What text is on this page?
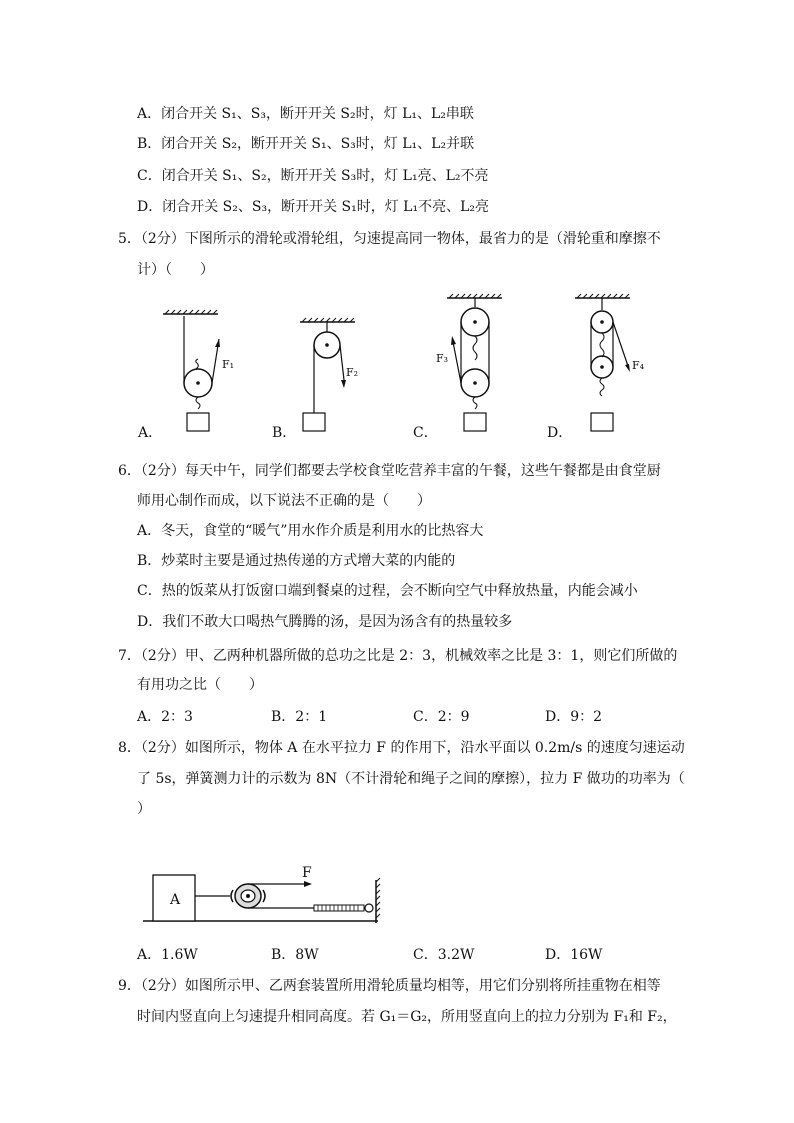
A．闭合开关 S₁、S₃，断开开关 S₂时，灯 L₁、L₂串联
B．闭合开关 S₂，断开开关 S₁、S₃时，灯 L₁、L₂并联
C．闭合开关 S₁、S₂，断开开关 S₃时，灯 L₁亮、L₂不亮
D．闭合开关 S₂、S₃，断开开关 S₁时，灯 L₁不亮、L₂亮
5．（2分）下图所示的滑轮或滑轮组，匀速提高同一物体，最省力的是（滑轮重和摩擦不
计）（　　）
F₁
A．
F₂
B．
F₃
C．
F₄
D．
A
F
6．（2分）每天中午，同学们都要去学校食堂吃营养丰富的午餐，这些午餐都是由食堂厨
师用心制作而成，以下说法不正确的是（　　）
A．冬天，食堂的“暖气”用水作介质是利用水的比热容大
B．炒菜时主要是通过热传递的方式增大菜的内能的
C．热的饭菜从打饭窗口端到餐桌的过程，会不断向空气中释放热量，内能会减小
D．我们不敢大口喝热气腾腾的汤，是因为汤含有的热量较多
7．（2分）甲、乙两种机器所做的总功之比是 2：3，机械效率之比是 3：1，则它们所做的
有用功之比（　　）
A．2：3	B．2：1	C．2：9	D．9：2
8．（2分）如图所示，物体 A 在水平拉力 F 的作用下，沿水平面以 0.2m/s 的速度匀速运动
了 5s，弹簧测力计的示数为 8N（不计滑轮和绳子之间的摩擦），拉力 F 做功的功率为（
）
A．1.6W	B．8W	C．3.2W	D．16W
9．（2分）如图所示甲、乙两套装置所用滑轮质量均相等，用它们分别将所挂重物在相等
时间内竖直向上匀速提升相同高度。若 G₁＝G₂，所用竖直向上的拉力分别为 F₁和 F₂，
